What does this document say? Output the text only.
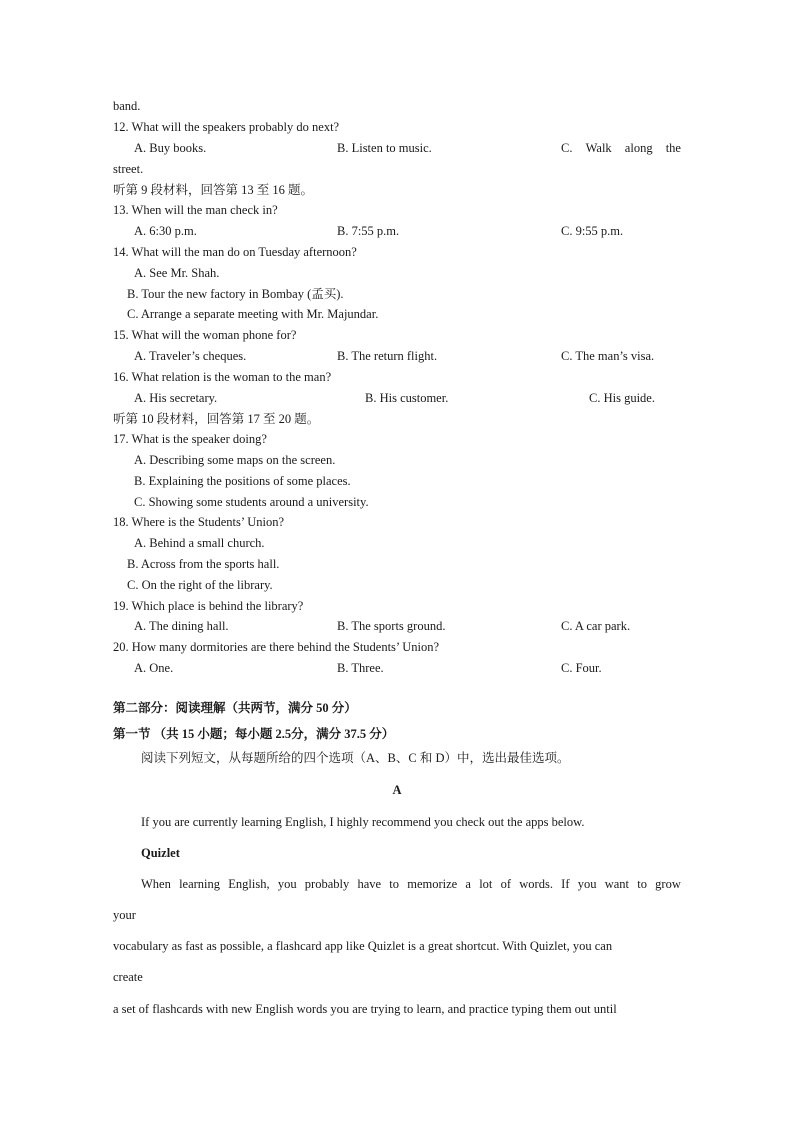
band.
12. What will the speakers probably do next?
A. Buy books.	B. Listen to music.	C. Walk along the
street.
听第 9 段材料，回答第 13 至 16 题。
13. When will the man check in?
A. 6:30 p.m.	B. 7:55 p.m.	C. 9:55 p.m.
14. What will the man do on Tuesday afternoon?
A. See Mr. Shah.
B. Tour the new factory in Bombay (孟买).
C. Arrange a separate meeting with Mr. Majundar.
15. What will the woman phone for?
A. Traveler’s cheques.	B. The return flight.	C. The man’s visa.
16. What relation is the woman to the man?
A. His secretary.	B. His customer.	C. His guide.
听第 10 段材料，回答第 17 至 20 题。
17. What is the speaker doing?
A. Describing some maps on the screen.
B. Explaining the positions of some places.
C. Showing some students around a university.
18. Where is the Students’ Union?
A. Behind a small church.
B. Across from the sports hall.
C. On the right of the library.
19. Which place is behind the library?
A. The dining hall.	B. The sports ground.	C. A car park.
20. How many dormitories are there behind the Students’ Union?
A. One.	B. Three.	C. Four.
第二部分：阅读理解（共两节，满分 50 分）
第一节 （共 15 小题；每小题 2.5分，满分 37.5 分）
阅读下列短文，从每题所给的四个选项（A、B、C 和 D）中，选出最佳选项。
A
If you are currently learning English, I highly recommend you check out the apps below.
Quizlet
When learning English, you probably have to memorize a lot of words. If you want to grow
your
vocabulary as fast as possible, a flashcard app like Quizlet is a great shortcut. With Quizlet, you can
create
a set of flashcards with new English words you are trying to learn, and practice typing them out until
